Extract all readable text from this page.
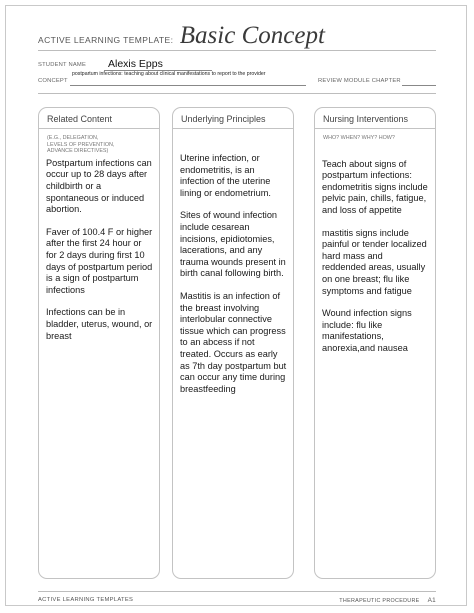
ACTIVE LEARNING TEMPLATE: Basic Concept
STUDENT NAME	Alexis Epps
CONCEPT
postpartum infections: teaching about clinical manifestations to report to the provider
REVIEW MODULE CHAPTER
Related Content
(E.G., DELEGATION,
LEVELS OF PREVENTION,
ADVANCE DIRECTIVES)

Postpartum infections can occur up to 28 days after childbirth or a spontaneous or induced abortion.

Faver of 100.4 F or higher after the first 24 hour or for 2 days during first 10 days of postpartum period is a sign of postpartum infections

Infections can be in bladder, uterus, wound, or breast

Underlying Principles

Uterine infection, or endometritis, is an infection of the uterine lining or endometrium.

Sites of wound infection include cesarean incisions, epidiotomies, lacerations, and any trauma wounds present in birth canal following birth.

Mastitis is an infection of the breast involving interlobular connective tissue which can progress to an abcess if not treated. Occurs as early as 7th day postpartum but can occur any time during breastfeeding

Nursing Interventions
WHO? WHEN? WHY? HOW?

Teach about signs of postpartum infections: endometritis signs include pelvic pain, chills, fatigue, and loss of appetite

mastitis signs include painful or tender localized hard mass and reddended areas, usually on one breast; flu like symptoms and fatigue

Wound infection signs include: flu like manifestations, anorexia,and nausea

ACTIVE LEARNING TEMPLATES	THERAPEUTIC PROCEDURE A1
